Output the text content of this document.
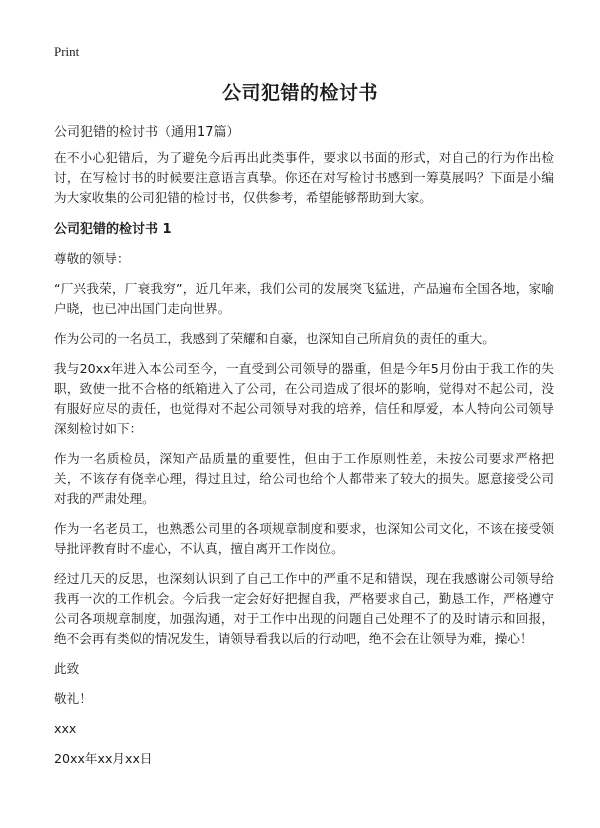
Print
公司犯错的检讨书
公司犯错的检讨书（通用17篇）

在不小心犯错后，为了避免今后再出此类事件，要求以书面的形式，对自己的行为作出检讨，在写检讨书的时候要注意语言真挚。你还在对写检讨书感到一筹莫展吗？下面是小编为大家收集的公司犯错的检讨书，仅供参考，希望能够帮助到大家。

公司犯错的检讨书 1

尊敬的领导：

“厂兴我荣，厂衰我穷”，近几年来，我们公司的发展突飞猛进，产品遍布全国各地，家喻户晓，也已冲出国门走向世界。

作为公司的一名员工，我感到了荣耀和自豪，也深知自己所肩负的责任的重大。

我与20xx年进入本公司至今，一直受到公司领导的器重，但是今年5月份由于我工作的失职，致使一批不合格的纸箱进入了公司，在公司造成了很坏的影响，觉得对不起公司，没有服好应尽的责任，也觉得对不起公司领导对我的培养，信任和厚爱，本人特向公司领导深刻检讨如下：

作为一名质检员，深知产品质量的重要性，但由于工作原则性差，未按公司要求严格把关，不该存有侥幸心理，得过且过，给公司也给个人都带来了较大的损失。愿意接受公司对我的严肃处理。

作为一名老员工，也熟悉公司里的各项规章制度和要求，也深知公司文化，不该在接受领导批评教育时不虚心，不认真，擅自离开工作岗位。

经过几天的反思，也深刻认识到了自己工作中的严重不足和错误，现在我感谢公司领导给我再一次的工作机会。今后我一定会好好把握自我，严格要求自己，勤恳工作，严格遵守公司各项规章制度，加强沟通，对于工作中出现的问题自己处理不了的及时请示和回报，绝不会再有类似的情况发生，请领导看我以后的行动吧，绝不会在让领导为难，操心！

此致

敬礼！

xxx

20xx年xx月xx日
